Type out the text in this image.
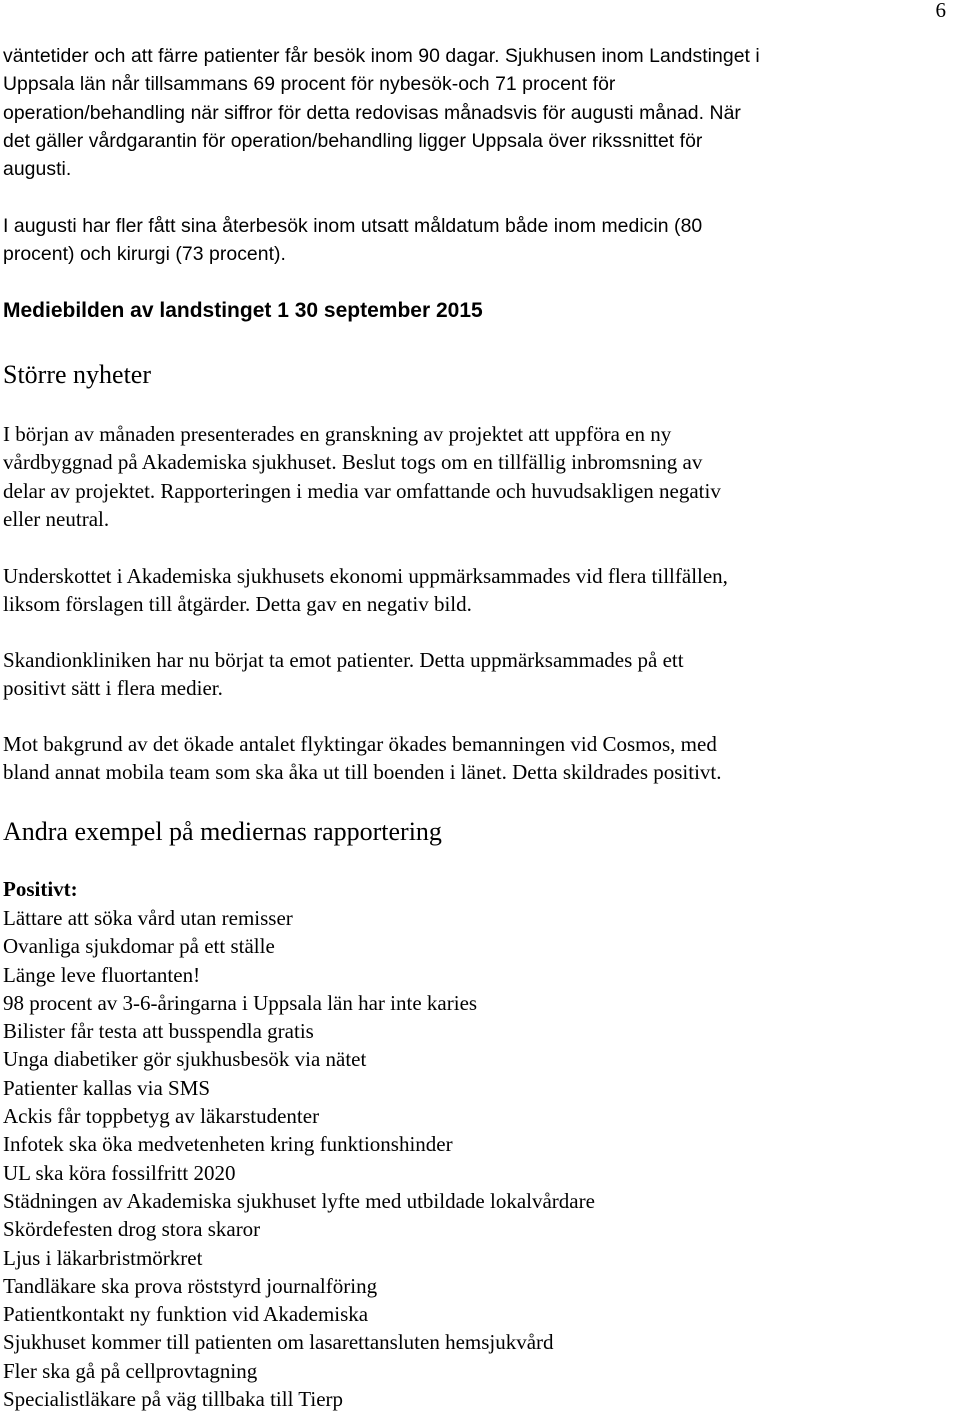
6
väntetider och att färre patienter får besök inom 90 dagar. Sjukhusen inom Landstinget i
Uppsala län når tillsammans 69 procent för nybesök-och 71 procent för
operation/behandling när siffror för detta redovisas månadsvis för augusti månad. När
det gäller vårdgarantin för operation/behandling ligger Uppsala över rikssnittet för
augusti.
I augusti har fler fått sina återbesök inom utsatt måldatum både inom medicin (80
procent) och kirurgi (73 procent).
Mediebilden av landstinget 1 30 september 2015
Större nyheter
I början av månaden presenterades en granskning av projektet att uppföra en ny
vårdbyggnad på Akademiska sjukhuset. Beslut togs om en tillfällig inbromsning av
delar av projektet. Rapporteringen i media var omfattande och huvudsakligen negativ
eller neutral.
Underskottet i Akademiska sjukhusets ekonomi uppmärksammades vid flera tillfällen,
liksom förslagen till åtgärder. Detta gav en negativ bild.
Skandionkliniken har nu börjat ta emot patienter. Detta uppmärksammades på ett
positivt sätt i flera medier.
Mot bakgrund av det ökade antalet flyktingar ökades bemanningen vid Cosmos, med
bland annat mobila team som ska åka ut till boenden i länet. Detta skildrades positivt.
Andra exempel på mediernas rapportering
Positivt:
Lättare att söka vård utan remisser
Ovanliga sjukdomar på ett ställe
Länge leve fluortanten!
98 procent av 3-6-åringarna i Uppsala län har inte karies
Bilister får testa att busspendla gratis
Unga diabetiker gör sjukhusbesök via nätet
Patienter kallas via SMS
Ackis får toppbetyg av läkarstudenter
Infotek ska öka medvetenheten kring funktionshinder
UL ska köra fossilfritt 2020
Städningen av Akademiska sjukhuset lyfte med utbildade lokalvårdare
Skördefesten drog stora skaror
Ljus i läkarbristmörkret
Tandläkare ska prova röststyrd journalföring
Patientkontakt ny funktion vid Akademiska
Sjukhuset kommer till patienten om lasarettansluten hemsjukvård
Fler ska gå på cellprovtagning
Specialistläkare på väg tillbaka till Tierp
